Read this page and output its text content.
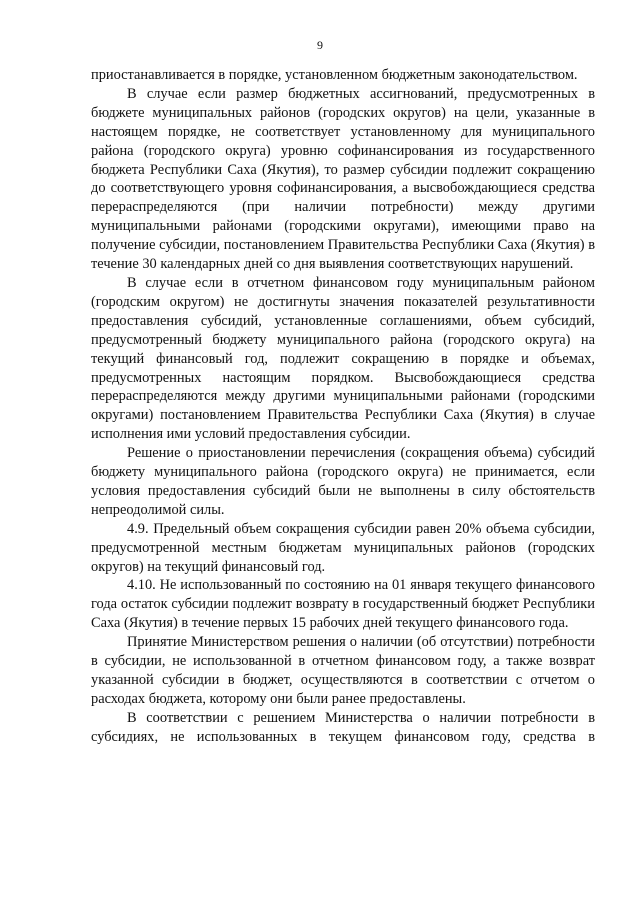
9

приостанавливается в порядке, установленном бюджетным законодательством.

В случае если размер бюджетных ассигнований, предусмотренных в бюджете муниципальных районов (городских округов) на цели, указанные в настоящем порядке, не соответствует установленному для муниципального района (городского округа) уровню софинансирования из государственного бюджета Республики Саха (Якутия), то размер субсидии подлежит сокращению до соответствующего уровня софинансирования, а высвобождающиеся средства перераспределяются (при наличии потребности) между другими муниципальными районами (городскими округами), имеющими право на получение субсидии, постановлением Правительства Республики Саха (Якутия) в течение 30 календарных дней со дня выявления соответствующих нарушений.

В случае если в отчетном финансовом году муниципальным районом (городским округом) не достигнуты значения показателей результативности предоставления субсидий, установленные соглашениями, объем субсидий, предусмотренный бюджету муниципального района (городского округа) на текущий финансовый год, подлежит сокращению в порядке и объемах, предусмотренных настоящим порядком. Высвобождающиеся средства перераспределяются между другими муниципальными районами (городскими округами) постановлением Правительства Республики Саха (Якутия) в случае исполнения ими условий предоставления субсидии.

Решение о приостановлении перечисления (сокращения объема) субсидий бюджету муниципального района (городского округа) не принимается, если условия предоставления субсидий были не выполнены в силу обстоятельств непреодолимой силы.

4.9. Предельный объем сокращения субсидии равен 20% объема субсидии, предусмотренной местным бюджетам муниципальных районов (городских округов) на текущий финансовый год.

4.10. Не использованный по состоянию на 01 января текущего финансового года остаток субсидии подлежит возврату в государственный бюджет Республики Саха (Якутия) в течение первых 15 рабочих дней текущего финансового года.

Принятие Министерством решения о наличии (об отсутствии) потребности в субсидии, не использованной в отчетном финансовом году, а также возврат указанной субсидии в бюджет, осуществляются в соответствии с отчетом о расходах бюджета, которому они были ранее предоставлены.

В соответствии с решением Министерства о наличии потребности в субсидиях, не использованных в текущем финансовом году, средства в
